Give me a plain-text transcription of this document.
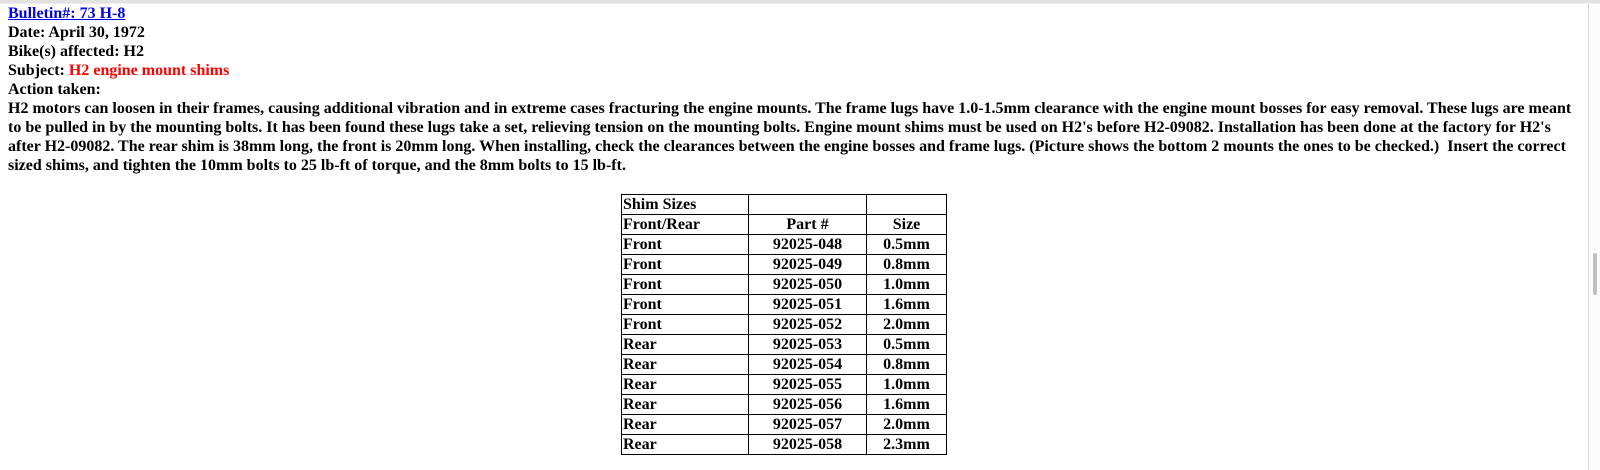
Bulletin#: 73 H-8
Date: April 30, 1972
Bike(s) affected: H2
Subject: H2 engine mount shims
Action taken:
H2 motors can loosen in their frames, causing additional vibration and in extreme cases fracturing the engine mounts. The frame lugs have 1.0-1.5mm clearance with the engine mount bosses for easy removal. These lugs are meant to be pulled in by the mounting bolts. It has been found these lugs take a set, relieving tension on the mounting bolts. Engine mount shims must be used on H2's before H2-09082. Installation has been done at the factory for H2's after H2-09082. The rear shim is 38mm long, the front is 20mm long. When installing, check the clearances between the engine bosses and frame lugs. (Picture shows the bottom 2 mounts the ones to be checked.)  Insert the correct sized shims, and tighten the 10mm bolts to 25 lb-ft of torque, and the 8mm bolts to 15 lb-ft.
Shim Sizes		
Front/Rear	Part #	Size
Front	92025-048	0.5mm
Front	92025-049	0.8mm
Front	92025-050	1.0mm
Front	92025-051	1.6mm
Front	92025-052	2.0mm
Rear	92025-053	0.5mm
Rear	92025-054	0.8mm
Rear	92025-055	1.0mm
Rear	92025-056	1.6mm
Rear	92025-057	2.0mm
Rear	92025-058	2.3mm
